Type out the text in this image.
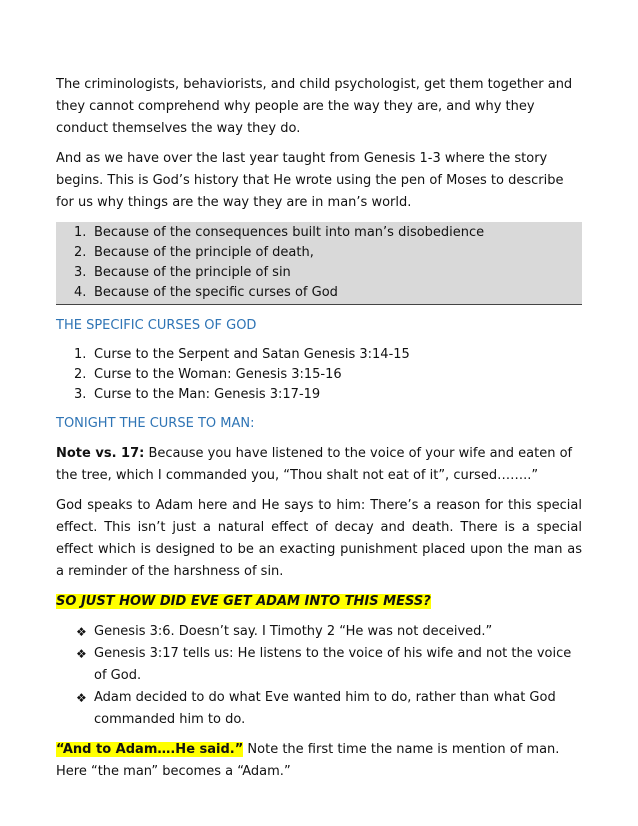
The criminologists, behaviorists, and child psychologist, get them together and they cannot comprehend why people are the way they are, and why they conduct themselves the way they do.

And as we have over the last year taught from Genesis 1-3 where the story begins. This is God’s history that He wrote using the pen of Moses to describe for us why things are the way they are in man’s world.

1. Because of the consequences built into man’s disobedience
2. Because of the principle of death,
3. Because of the principle of sin
4. Because of the specific curses of God

THE SPECIFIC CURSES OF GOD

1. Curse to the Serpent and Satan Genesis 3:14-15
2. Curse to the Woman: Genesis 3:15-16
3. Curse to the Man: Genesis 3:17-19

TONIGHT THE CURSE TO MAN:

Note vs. 17: Because you have listened to the voice of your wife and eaten of the tree, which I commanded you, “Thou shalt not eat of it”, cursed……..”

God speaks to Adam here and He says to him: There’s a reason for this special effect. This isn’t just a natural effect of decay and death. There is a special effect which is designed to be an exacting punishment placed upon the man as a reminder of the harshness of sin.

SO JUST HOW DID EVE GET ADAM INTO THIS MESS?

❖ Genesis 3:6. Doesn’t say. I Timothy 2 “He was not deceived.”
❖ Genesis 3:17 tells us: He listens to the voice of his wife and not the voice of God.
❖ Adam decided to do what Eve wanted him to do, rather than what God commanded him to do.

“And to Adam….He said.” Note the first time the name is mention of man. Here “the man” becomes a “Adam.”
